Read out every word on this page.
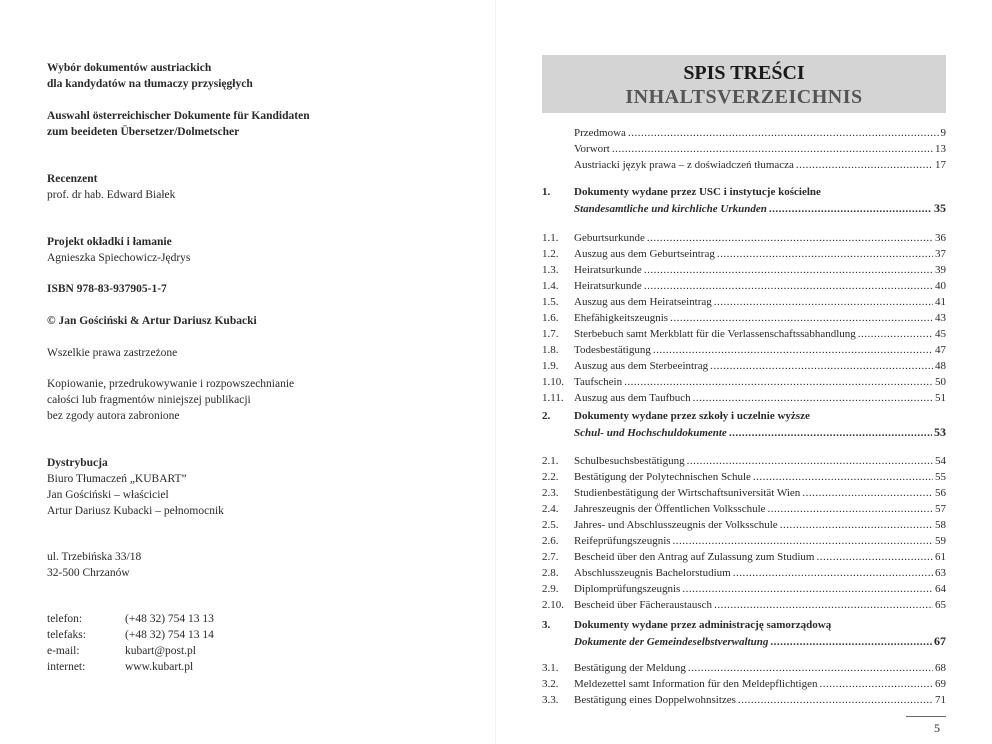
Wybór dokumentów austriackich
dla kandydatów na tłumaczy przysięgłych
Auswahl österreichischer Dokumente für Kandidaten
zum beeideten Übersetzer/Dolmetscher
Recenzent
prof. dr hab. Edward Białek
Projekt okładki i łamanie
Agnieszka Spiechowicz-Jędrys
ISBN 978-83-937905-1-7
© Jan Gościński & Artur Dariusz Kubacki
Wszelkie prawa zastrzeżone
Kopiowanie, przedrukowywanie i rozpowszechnianie
całości lub fragmentów niniejszej publikacji
bez zgody autora zabronione
Dystrybucja
Biuro Tłumaczeń „KUBART”
Jan Gościński – właściciel
Artur Dariusz Kubacki – pełnomocnik
ul. Trzebińska 33/18
32-500 Chrzanów
telefon:	(+48 32) 754 13 13
telefaks:	(+48 32) 754 13 14
e-mail:	kubart@post.pl
internet:	www.kubart.pl
SPIS TREŚCI
INHALTSVERZEICHNIS
Przedmowa .....	9
Vorwort .....	13
Austriacki język prawa – z doświadczeń tłumacza .....	17
1.	Dokumenty wydane przez USC i instytucje kościelne
Standesamtliche und kirchliche Urkunden .....	35
1.1.	Geburtsurkunde .....	36
1.2.	Auszug aus dem Geburtseintrag .....	37
1.3.	Heiratsurkunde .....	39
1.4.	Heiratsurkunde .....	40
1.5.	Auszug aus dem Heiratseintrag .....	41
1.6.	Ehefähigkeitszeugnis .....	43
1.7.	Sterbebuch samt Merkblatt für die Verlassenschaftssabhandlung .....	45
1.8.	Todesbestätigung .....	47
1.9.	Auszug aus dem Sterbeeintrag .....	48
1.10. Taufschein .....	50
1.11. Auszug aus dem Taufbuch .....	51
2.	Dokumenty wydane przez szkoły i uczelnie wyższe
Schul- und Hochschuldokumente .....	53
2.1.	Schulbesuchsbestätigung .....	54
2.2.	Bestätigung der Polytechnischen Schule .....	55
2.3.	Studienbestätigung der Wirtschaftsuniversität Wien .....	56
2.4.	Jahreszeugnis der Öffentlichen Volksschule .....	57
2.5.	Jahres- und Abschlusszeugnis der Volksschule .....	58
2.6.	Reifeprüfungszeugnis .....	59
2.7.	Bescheid über den Antrag auf Zulassung zum Studium .....	61
2.8.	Abschlusszeugnis Bachelorstudium .....	63
2.9.	Diplomprüfungszeugnis .....	64
2.10. Bescheid über Fächeraustausch .....	65
3.	Dokumenty wydane przez administrację samorządową
Dokumente der Gemeindeselbstverwaltung .....	67
3.1.	Bestätigung der Meldung .....	68
3.2.	Meldezettel samt Information für den Meldepflichtigen .....	69
3.3.	Bestätigung eines Doppelwohnsitzes .....	71
5
